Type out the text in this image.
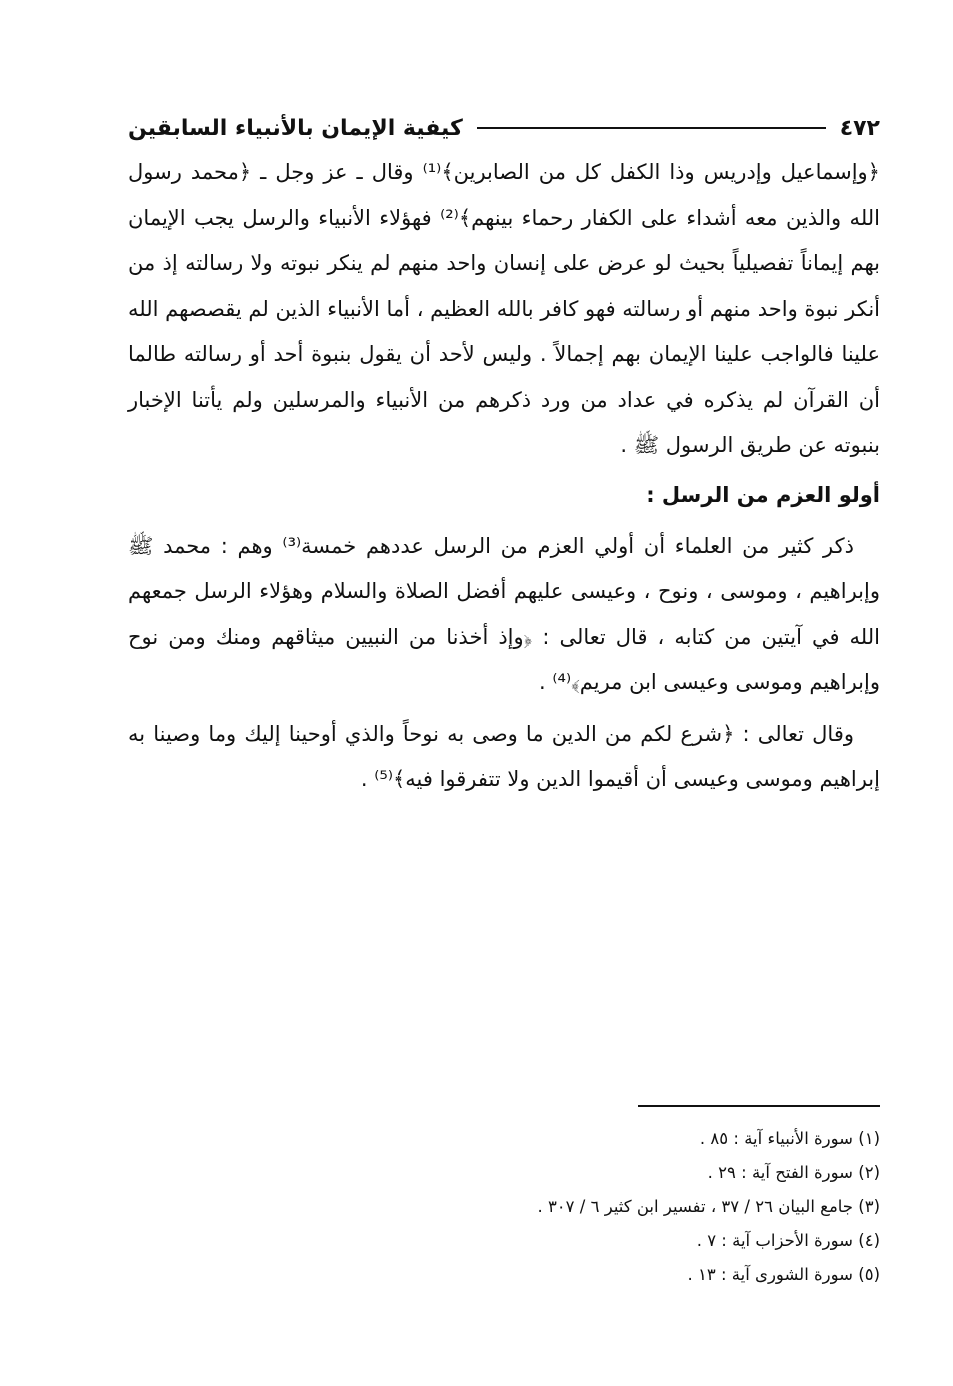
٤٧٢
كيفية الإيمان بالأنبياء السابقين

﴿وإسماعيل وإدريس وذا الكفل كل من الصابرين﴾⁽¹⁾ وقال ـ عز وجل ـ ﴿محمد رسول الله والذين معه أشداء على الكفار رحماء بينهم﴾⁽²⁾ فهؤلاء الأنبياء والرسل يجب الإيمان بهم إيماناً تفصيلياً بحيث لو عرض على إنسان واحد منهم لم ينكر نبوته ولا رسالته إذ من أنكر نبوة واحد منهم أو رسالته فهو كافر بالله العظيم ، أما الأنبياء الذين لم يقصصهم الله علينا فالواجب علينا الإيمان بهم إجمالاً . وليس لأحد أن يقول بنبوة أحد أو رسالته طالما أن القرآن لم يذكره في عداد من ورد ذكرهم من الأنبياء والمرسلين ولم يأتنا الإخبار بنبوته عن طريق الرسول ﷺ .

أولو العزم من الرسل :

ذكر كثير من العلماء أن أولي العزم من الرسل عددهم خمسة⁽³⁾ وهم : محمد ﷺ وإبراهيم ، وموسى ، ونوح ، وعيسى عليهم أفضل الصلاة والسلام وهؤلاء الرسل جمعهم الله في آيتين من كتابه ، قال تعالى : ﴿وإذ أخذنا من النبيين ميثاقهم ومنك ومن نوح وإبراهيم وموسى وعيسى ابن مريم﴾⁽⁴⁾ .

وقال تعالى : ﴿شرع لكم من الدين ما وصى به نوحاً والذي أوحينا إليك وما وصينا به إبراهيم وموسى وعيسى أن أقيموا الدين ولا تتفرقوا فيه﴾⁽⁵⁾ .

(١) سورة الأنبياء آية : ٨٥ .
(٢) سورة الفتح آية : ٢٩ .
(٣) جامع البيان ٢٦ / ٣٧ ، تفسير ابن كثير ٦ / ٣٠٧ .
(٤) سورة الأحزاب آية : ٧ .
(٥) سورة الشورى آية : ١٣ .
